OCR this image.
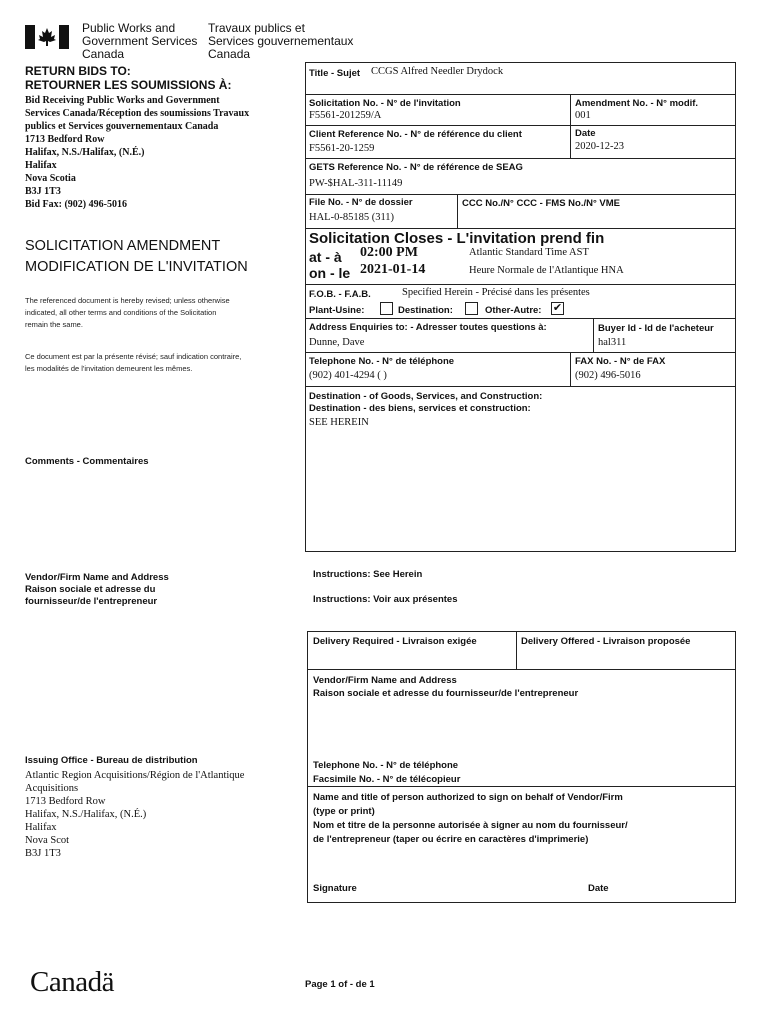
Public Works and
Government Services
Canada
Travaux publics et
Services gouvernementaux
Canada
RETURN BIDS TO:
RETOURNER LES SOUMISSIONS À:
Bid Receiving Public Works and Government
Services Canada/Réception des soumissions Travaux
publics et Services gouvernementaux Canada
1713 Bedford Row
Halifax, N.S./Halifax, (N.É.)
Halifax
Nova Scotia
B3J 1T3
Bid Fax: (902) 496-5016
SOLICITATION AMENDMENT
MODIFICATION DE L'INVITATION
The referenced document is hereby revised; unless otherwise
indicated, all other terms and conditions of the Solicitation
remain the same.
Ce document est par la présente révisé; sauf indication contraire,
les modalités de l'invitation demeurent les mêmes.
Comments - Commentaires
Vendor/Firm Name and Address
Raison sociale et adresse du
fournisseur/de l'entrepreneur
Issuing Office - Bureau de distribution
Atlantic Region Acquisitions/Région de l'Atlantique
Acquisitions
1713 Bedford Row
Halifax, N.S./Halifax, (N.É.)
Halifax
Nova Scot
B3J 1T3
Title - Sujet CCGS Alfred Needler Drydock
Solicitation No. - N° de l'invitation
F5561-201259/A
Amendment No. - N° modif.
001
Client Reference No. - N° de référence du client
F5561-20-1259
Date
2020-12-23
GETS Reference No. - N° de référence de SEAG
PW-$HAL-311-11149
File No. - N° de dossier
HAL-0-85185 (311)
CCC No./N° CCC - FMS No./N° VME
Solicitation Closes - L'invitation prend fin
at - à 02:00 PM	Atlantic Standard Time AST
on - le 2021-01-14	Heure Normale de l'Atlantique HNA
F.O.B. - F.A.B.	Specified Herein - Précisé dans les présentes
Plant-Usine:	Destination:	Other-Autre: ✔
Address Enquiries to: - Adresser toutes questions à:
Dunne, Dave
Buyer Id - Id de l'acheteur
hal311
Telephone No. - N° de téléphone
(902) 401-4294 ( )
FAX No. - N° de FAX
(902) 496-5016
Destination - of Goods, Services, and Construction:
Destination - des biens, services et construction:
SEE HEREIN
Instructions: See Herein
Instructions: Voir aux présentes
Delivery Required - Livraison exigée	Delivery Offered - Livraison proposée
Vendor/Firm Name and Address
Raison sociale et adresse du fournisseur/de l'entrepreneur
Telephone No. - N° de téléphone
Facsimile No. - N° de télécopieur
Name and title of person authorized to sign on behalf of Vendor/Firm
(type or print)
Nom et titre de la personne autorisée à signer au nom du fournisseur/
de l'entrepreneur (taper ou écrire en caractères d'imprimerie)
Signature	Date
Canadä	Page 1 of - de 1
